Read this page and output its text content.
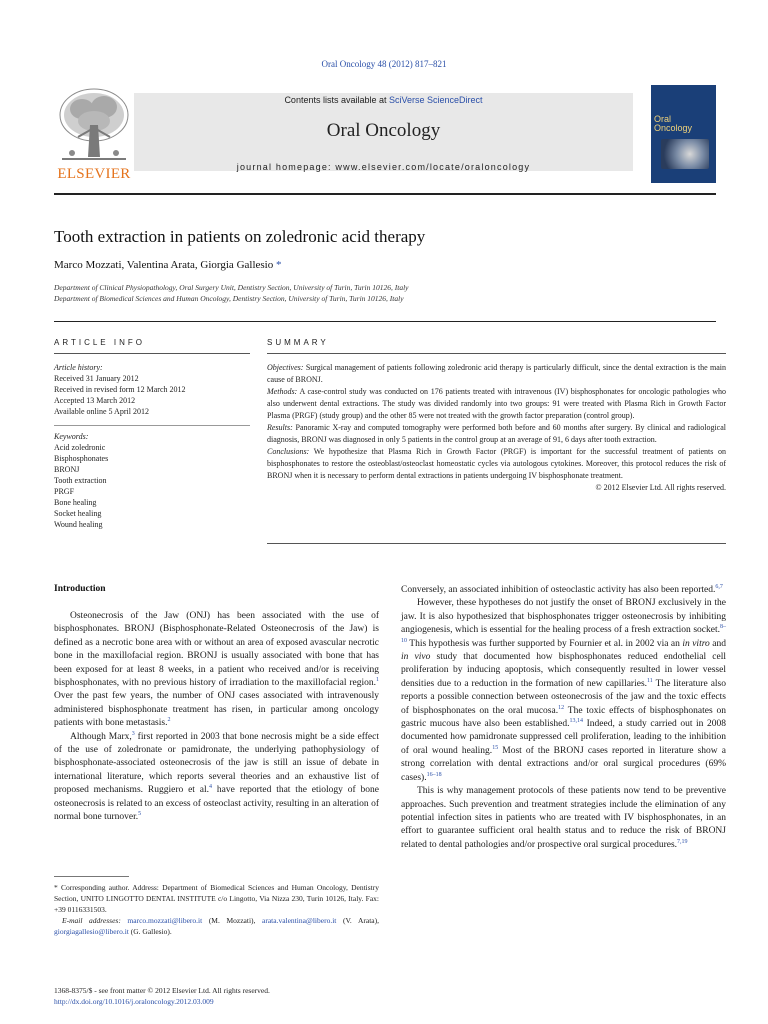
Oral Oncology 48 (2012) 817–821
ELSEVIER
Contents lists available at SciVerse ScienceDirect
Oral Oncology
journal homepage: www.elsevier.com/locate/oraloncology
Oral
Oncology
Tooth extraction in patients on zoledronic acid therapy
Marco Mozzati, Valentina Arata, Giorgia Gallesio *
Department of Clinical Physiopathology, Oral Surgery Unit, Dentistry Section, University of Turin, Turin 10126, Italy
Department of Biomedical Sciences and Human Oncology, Dentistry Section, University of Turin, Turin 10126, Italy
ARTICLE INFO
Article history:
Received 31 January 2012
Received in revised form 12 March 2012
Accepted 13 March 2012
Available online 5 April 2012
Keywords:
Acid zoledronic
Bisphosphonates
BRONJ
Tooth extraction
PRGF
Bone healing
Socket healing
Wound healing
SUMMARY

Objectives: Surgical management of patients following zoledronic acid therapy is particularly difficult, since the dental extraction is the main cause of BRONJ.

Methods: A case-control study was conducted on 176 patients treated with intravenous (IV) bisphosphonates for oncologic pathologies who also underwent dental extractions. The study was divided randomly into two groups: 91 were treated with Plasma Rich in Growth Factor Plasma (PRGF) (study group) and the other 85 were not treated with the growth factor preparation (control group).

Results: Panoramic X-ray and computed tomography were performed both before and 60 months after surgery. By clinical and radiological diagnosis, BRONJ was diagnosed in only 5 patients in the control group at an average of 91, 6 days after tooth extraction.

Conclusions: We hypothesize that Plasma Rich in Growth Factor (PRGF) is important for the successful treatment of patients on bisphosphonates to restore the osteoblast/osteoclast homeostatic cycles via autologous cytokines. Moreover, this protocol reduces the risk of BRONJ when it is necessary to perform dental extractions in patients undergoing IV bisphosphonate treatment.

© 2012 Elsevier Ltd. All rights reserved.

Introduction

Osteonecrosis of the Jaw (ONJ) has been associated with the use of bisphosphonates. BRONJ (Bisphosphonate-Related Osteonecrosis of the Jaw) is defined as a necrotic bone area with or without an area of exposed avascular necrotic bone in the maxillofacial region. BRONJ is usually associated with bone that has been exposed for at least 8 weeks, in a patient who received and/or is receiving bisphosphonates, with no previous history of irradiation to the maxillofacial region.$^1$ Over the past few years, the number of ONJ cases associated with intravenously administered bisphosphonate treatment has risen, in particular among oncology patients with bone metastasis.$^2$

Although Marx,$^3$ first reported in 2003 that bone necrosis might be a side effect of the use of zoledronate or pamidronate, the underlying pathophysiology of bisphosphonate-associated osteonecrosis of the jaw is still an issue of debate in international literature, which reports several theories and an exhaustive list of proposed mechanisms. Ruggiero et al.$^4$ have reported that the etiology of bone osteonecrosis is related to an excess of osteoclast activity, resulting in an alteration of normal bone turnover.$^5$

Conversely, an associated inhibition of osteoclastic activity has also been reported.$^{6,7}$

However, these hypotheses do not justify the onset of BRONJ exclusively in the jaw. It is also hypothesized that bisphosphonates trigger osteonecrosis by inhibiting angiogenesis, which is essential for the healing process of a fresh extraction socket.$^{8-10}$ This hypothesis was further supported by Fournier et al. in 2002 via an in vitro and in vivo study that documented how bisphosphonates reduced endothelial cell proliferation by inducing apoptosis, which consequently resulted in lower vessel densities due to a reduction in the formation of new capillaries.$^{11}$ The literature also reports a possible connection between osteonecrosis of the jaw and the toxic effects of bisphosphonates on the oral mucosa.$^{12}$ The toxic effects of bisphosphonates on gastric mucous have also been established.$^{13,14}$ Indeed, a study carried out in 2008 documented how pamidronate suppressed cell proliferation, leading to the inhibition of oral wound healing.$^{15}$ Most of the BRONJ cases reported in literature show a strong correlation with dental extractions and/or oral surgical procedures (69% cases).$^{16-18}$

This is why management protocols of these patients now tend to be preventive approaches. Such prevention and treatment strategies include the elimination of any potential infection sites in patients who are treated with IV bisphosphonates, in an effort to guarantee sufficient oral health status and to reduce the risk of BRONJ related to dental pathologies and/or prospective oral surgical procedures.$^{7,19}$

* Corresponding author. Address: Department of Biomedical Sciences and Human Oncology, Dentistry Section, UNITO LINGOTTO DENTAL INSTITUTE c/o Lingotto, Via Nizza 230, Turin 10126, Italy. Fax: +39 0116331503.

E-mail addresses: marco.mozzati@libero.it (M. Mozzati), arata.valentina@libero.it (V. Arata), giorgiagallesio@libero.it (G. Gallesio).

1368-8375/$ - see front matter © 2012 Elsevier Ltd. All rights reserved.
http://dx.doi.org/10.1016/j.oraloncology.2012.03.009
